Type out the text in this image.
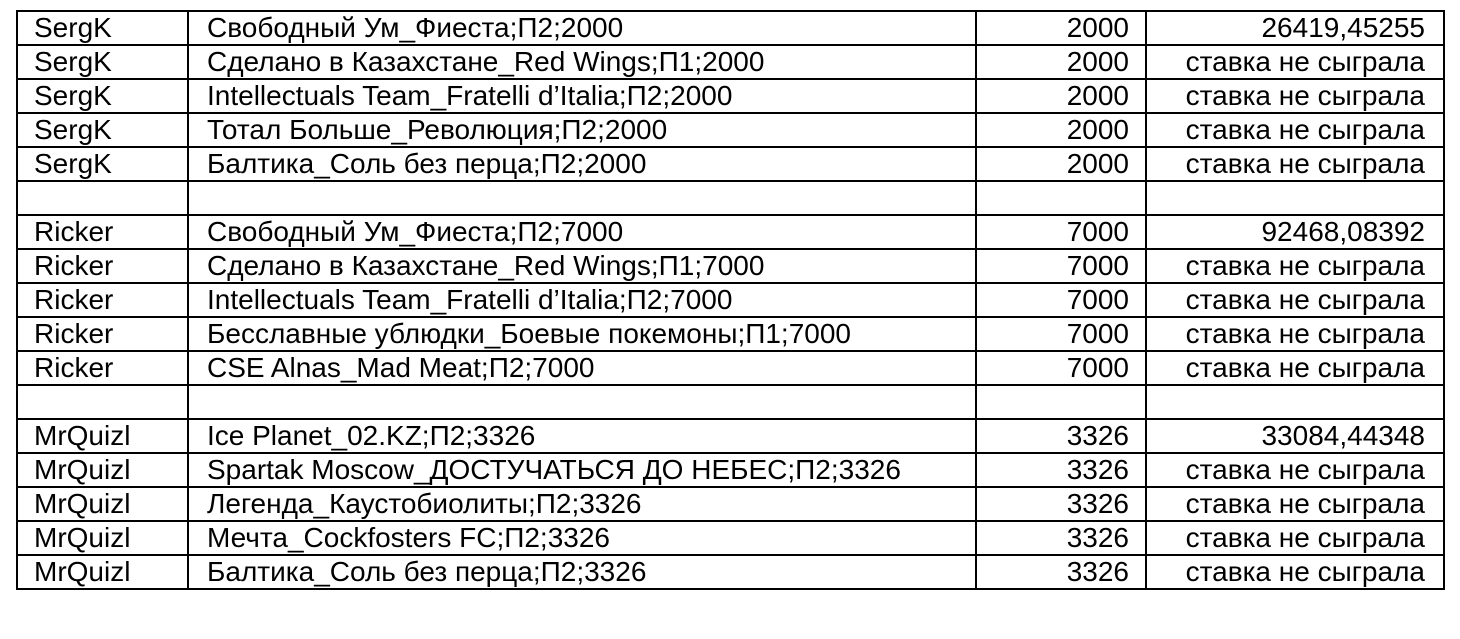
SergK	Свободный Ум_Фиеста;П2;2000	2000	26419,45255
SergK	Сделано в Казахстане_Red Wings;П1;2000	2000	ставка не сыграла
SergK	Intellectuals Team_Fratelli d’Italia;П2;2000	2000	ставка не сыграла
SergK	Тотал Больше_Революция;П2;2000	2000	ставка не сыграла
SergK	Балтика_Соль без перца;П2;2000	2000	ставка не сыграла

Ricker	Свободный Ум_Фиеста;П2;7000	7000	92468,08392
Ricker	Сделано в Казахстане_Red Wings;П1;7000	7000	ставка не сыграла
Ricker	Intellectuals Team_Fratelli d’Italia;П2;7000	7000	ставка не сыграла
Ricker	Бесславные ублюдки_Боевые покемоны;П1;7000	7000	ставка не сыграла
Ricker	CSE Alnas_Mad Meat;П2;7000	7000	ставка не сыграла

MrQuizl	Ice Planet_02.KZ;П2;3326	3326	33084,44348
MrQuizl	Spartak Moscow_ДОСТУЧАТЬСЯ ДО НЕБЕС;П2;3326	3326	ставка не сыграла
MrQuizl	Легенда_Каустобиолиты;П2;3326	3326	ставка не сыграла
MrQuizl	Мечта_Cockfosters FC;П2;3326	3326	ставка не сыграла
MrQuizl	Балтика_Соль без перца;П2;3326	3326	ставка не сыграла
